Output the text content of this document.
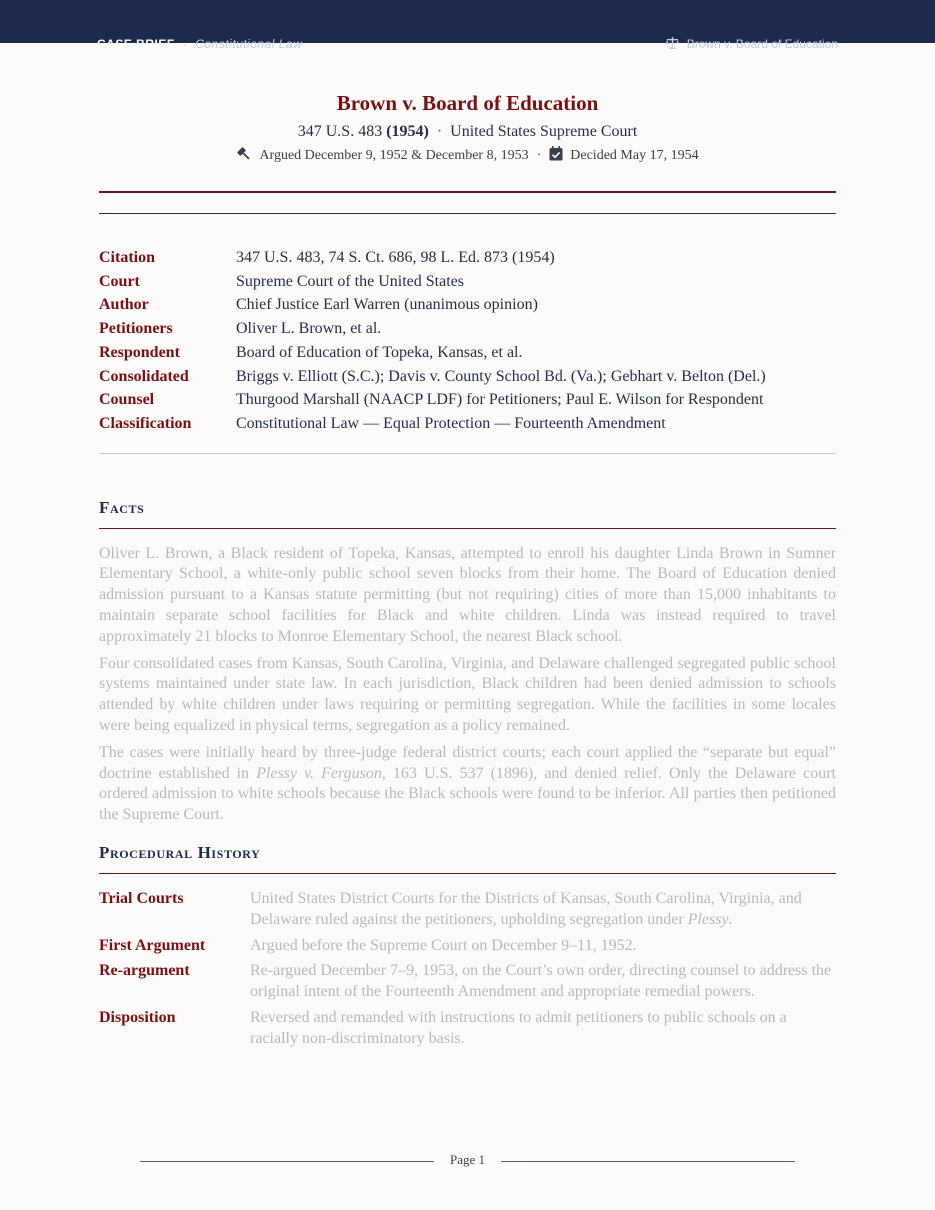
CASE BRIEF · Constitutional Law	Brown v. Board of Education
Brown v. Board of Education
347 U.S. 483 (1954) · United States Supreme Court
Argued December 9, 1952 & December 8, 1953 · Decided May 17, 1954
Citation	347 U.S. 483, 74 S. Ct. 686, 98 L. Ed. 873 (1954)
Court	Supreme Court of the United States
Author	Chief Justice Earl Warren (unanimous opinion)
Petitioners	Oliver L. Brown, et al.
Respondent	Board of Education of Topeka, Kansas, et al.
Consolidated	Briggs v. Elliott (S.C.); Davis v. County School Bd. (Va.); Gebhart v. Belton (Del.)
Counsel	Thurgood Marshall (NAACP LDF) for Petitioners; Paul E. Wilson for Respondent
Classification	Constitutional Law — Equal Protection — Fourteenth Amendment
Facts

Oliver L. Brown, a Black resident of Topeka, Kansas, attempted to enroll his daughter Linda Brown in Sumner Elementary School, a white-only public school seven blocks from their home. The Board of Education denied admission pursuant to a Kansas statute permitting (but not requiring) cities of more than 15,000 inhabitants to maintain separate school facilities for Black and white children. Linda was instead required to travel approximately 21 blocks to Monroe Elementary School, the nearest Black school.

Four consolidated cases from Kansas, South Carolina, Virginia, and Delaware challenged segregated public school systems maintained under state law. In each jurisdiction, Black children had been denied admission to schools attended by white children under laws requiring or permitting segregation. While the facilities in some locales were being equalized in physical terms, segregation as a policy remained.

The cases were initially heard by three-judge federal district courts; each court applied the “separate but equal” doctrine established in Plessy v. Ferguson, 163 U.S. 537 (1896), and denied relief. Only the Delaware court ordered admission to white schools because the Black schools were found to be inferior. All parties then petitioned the Supreme Court.

Procedural History
Trial Courts	United States District Courts for the Districts of Kansas, South Carolina, Virginia, and Delaware ruled against the petitioners, upholding segregation under Plessy.
First Argument	Argued before the Supreme Court on December 9–11, 1952.
Re-argument	Re-argued December 7–9, 1953, on the Court’s own order, directing counsel to address the original intent of the Fourteenth Amendment and appropriate remedial powers.
Disposition	Reversed and remanded with instructions to admit petitioners to public schools on a racially non-discriminatory basis.
Page 1
